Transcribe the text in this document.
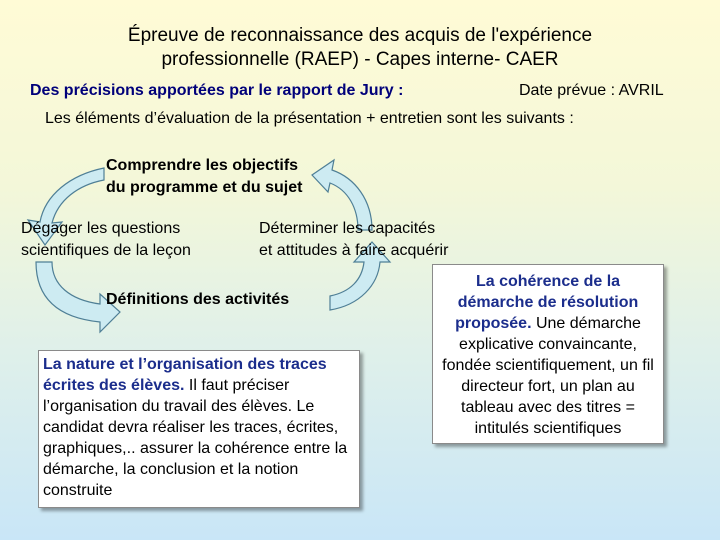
Épreuve de reconnaissance des acquis de l'expérience
professionnelle (RAEP) - Capes interne- CAER
Des précisions apportées par le rapport de Jury :	Date prévue : AVRIL
Les éléments d’évaluation de la présentation + entretien sont les suivants :
Comprendre les objectifs
du programme et du sujet
Dégager les questions
scientifiques de la leçon
Déterminer les capacités
et attitudes à faire acquérir
Définitions des activités
La nature et l’organisation des traces écrites des élèves. Il faut préciser l’organisation du travail des élèves. Le candidat devra réaliser les traces, écrites, graphiques,.. assurer la cohérence entre la démarche, la conclusion et la notion construite
La cohérence de la démarche de résolution proposée. Une démarche explicative convaincante, fondée scientifiquement, un fil directeur fort, un plan au tableau avec des titres = intitulés scientifiques
